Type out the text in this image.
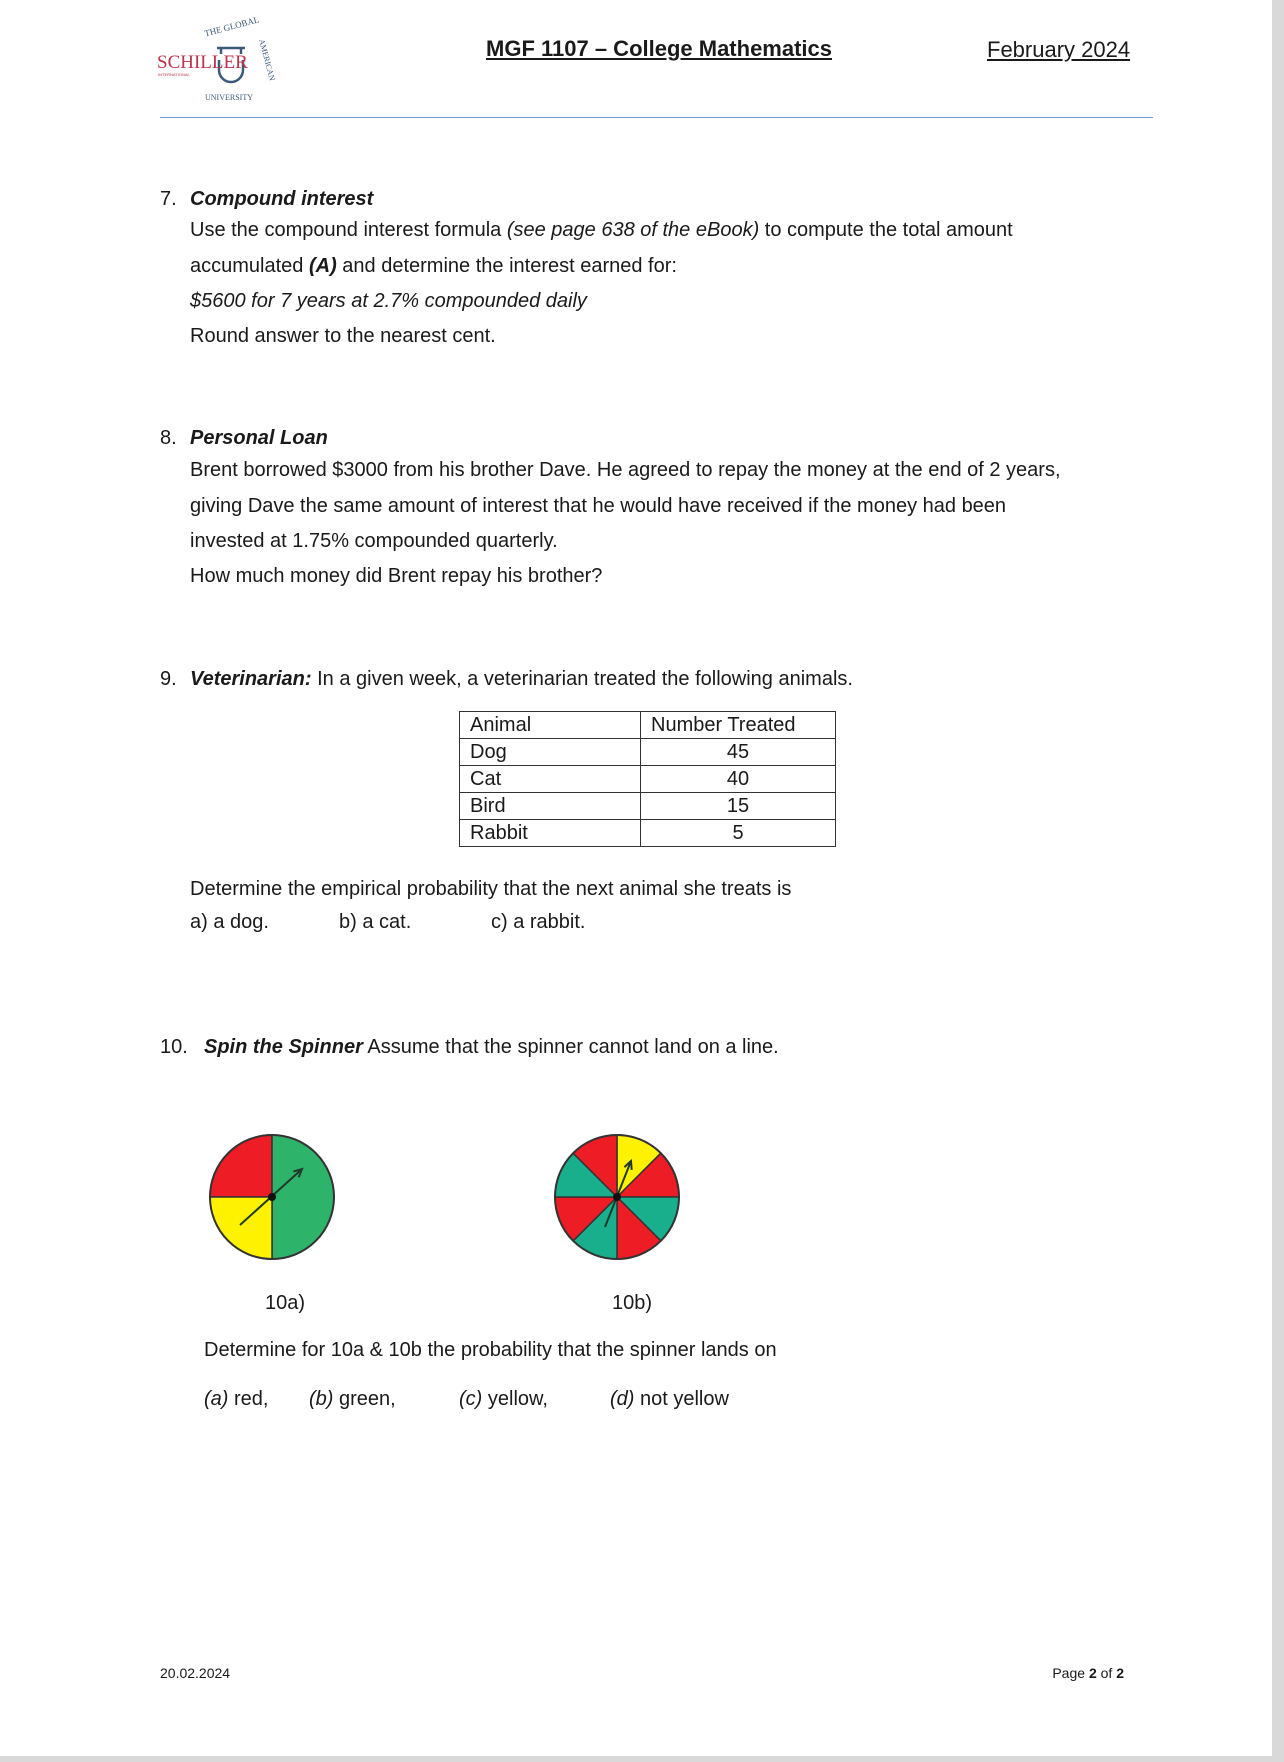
THE GLOBAL
AMERICAN
SCHILLER
INTERNATIONAL
UNIVERSITY
MGF 1107 – College Mathematics	February 2024
7. Compound interest
Use the compound interest formula (see page 638 of the eBook) to compute the total amount
accumulated (A) and determine the interest earned for:
$5600 for 7 years at 2.7% compounded daily
Round answer to the nearest cent.
8. Personal Loan
Brent borrowed $3000 from his brother Dave. He agreed to repay the money at the end of 2 years,
giving Dave the same amount of interest that he would have received if the money had been
invested at 1.75% compounded quarterly.
How much money did Brent repay his brother?
9. Veterinarian: In a given week, a veterinarian treated the following animals.
Animal	Number Treated
Dog	45
Cat	40
Bird	15
Rabbit	5
Determine the empirical probability that the next animal she treats is
a) a dog.	b) a cat.	c) a rabbit.
10. Spin the Spinner Assume that the spinner cannot land on a line.
10a)	10b)
Determine for 10a & 10b the probability that the spinner lands on
(a) red, (b) green,	(c) yellow,	(d) not yellow
20.02.2024	Page 2 of 2
